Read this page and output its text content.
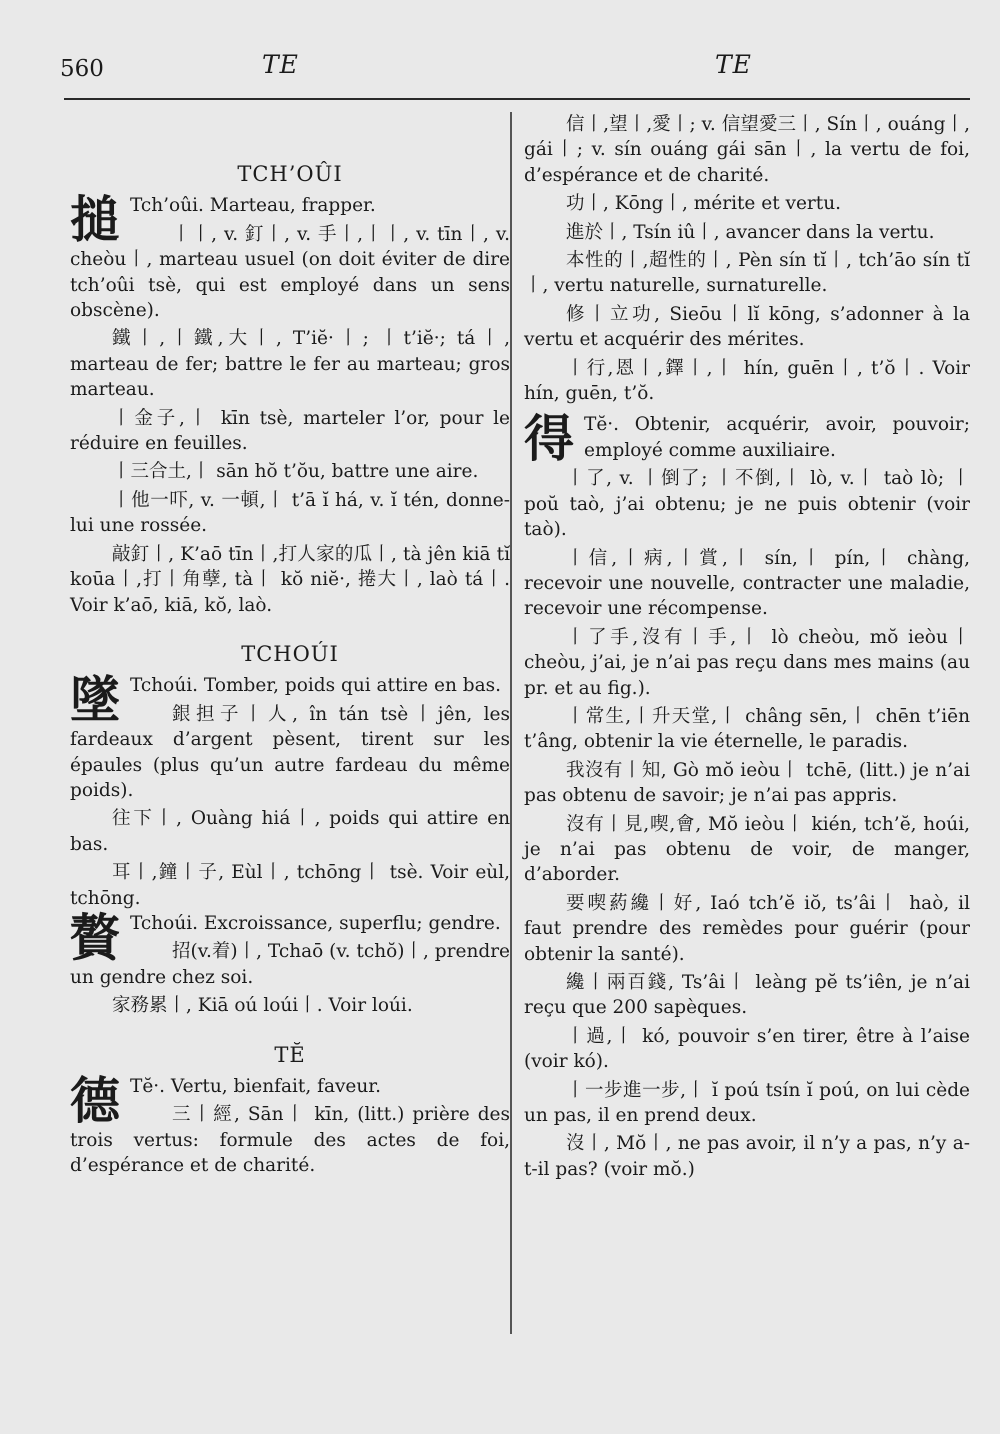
560	TE	TE
TCH’OÛI
搥 Tch’oûi. Marteau, frapper.

丨丨, v. 釘丨, v. 手丨,丨丨, v. tīn丨, v. cheòu丨, marteau usuel (on doit éviter de dire tch’oûi tsè, qui est employé dans un sens obscène).

鐵丨,丨鐵,大丨, T’iĕ·丨; 丨t’iĕ·; tá丨, marteau de fer; battre le fer au marteau; gros marteau.

丨金子,丨 kīn tsè, marteler l’or, pour le réduire en feuilles.

丨三合土,丨 sān hŏ t’ŏu, battre une aire.

丨他一吓, v. 一頓,丨 t’ā ĭ há, v. ĭ tén, donne-lui une rossée.

敲釘丨, K’aō tīn丨,打人家的瓜丨, tà jên kiā tĭ koūa丨,打丨角孽, tà丨 kŏ niĕ·, 捲大丨, laò tá丨. Voir k’aō, kiā, kŏ, laò.

TCHOÚI
墜 Tchoúi. Tomber, poids qui attire en bas.

銀担子丨人, în tán tsè丨jên, les fardeaux d’argent pèsent, tirent sur les épaules (plus qu’un autre fardeau du même poids).

往下丨, Ouàng hiá丨, poids qui attire en bas.

耳丨,鐘丨子, Eùl丨, tchōng丨 tsè. Voir eùl, tchōng.

贅 Tchoúi. Excroissance, superflu; gendre.

招(v.着)丨, Tchaō (v. tchŏ)丨, prendre un gendre chez soi.

家務累丨, Kiā oú loúi丨. Voir loúi.

TĔ
德 Tĕ·. Vertu, bienfait, faveur.

三丨經, Sān丨 kīn, (litt.) prière des trois vertus: formule des actes de foi, d’espérance et de charité.

信丨,望丨,愛丨; v. 信望愛三丨, Sín丨, ouáng丨, gái丨; v. sín ouáng gái sān丨, la vertu de foi, d’espérance et de charité.

功丨, Kōng丨, mérite et vertu.

進於丨, Tsín iû丨, avancer dans la vertu.

本性的丨,超性的丨, Pèn sín tĭ丨, tch’āo sín tĭ丨, vertu naturelle, surnaturelle.

修丨立功, Sieōu丨lĭ kōng, s’adonner à la vertu et acquérir des mérites.

丨行,恩丨,鐸丨,丨 hín, guēn丨, t’ŏ丨. Voir hín, guēn, t’ŏ.

得 Tĕ·. Obtenir, acquérir, avoir, pouvoir; employé comme auxiliaire.

丨了, v. 丨倒了; 丨不倒,丨 lò, v.丨 taò lò; 丨 poŭ taò, j’ai obtenu; je ne puis obtenir (voir taò).

丨信,丨病,丨賞,丨 sín,丨 pín,丨 chàng, recevoir une nouvelle, contracter une maladie, recevoir une récompense.

丨了手,沒有丨手,丨 lò cheòu, mŏ ieòu丨 cheòu, j’ai, je n’ai pas reçu dans mes mains (au pr. et au fig.).

丨常生,丨升天堂,丨 châng sēn,丨 chēn t’iēn t’âng, obtenir la vie éternelle, le paradis.

我沒有丨知, Gò mŏ ieòu丨 tchē, (litt.) je n’ai pas obtenu de savoir; je n’ai pas appris.

沒有丨見,喫,會, Mŏ ieòu丨 kién, tch’ĕ, hoúi, je n’ai pas obtenu de voir, de manger, d’aborder.

要喫葯纔丨好, Iaó tch’ĕ iŏ, ts’âi丨 haò, il faut prendre des remèdes pour guérir (pour obtenir la santé).

纔丨兩百錢, Ts’âi丨 leàng pĕ ts’iên, je n’ai reçu que 200 sapèques.

丨過,丨 kó, pouvoir s’en tirer, être à l’aise (voir kó).

丨一步進一步,丨 ĭ poú tsín ĭ poú, on lui cède un pas, il en prend deux.

沒丨, Mŏ丨, ne pas avoir, il n’y a pas, n’y a-t-il pas? (voir mŏ.)
